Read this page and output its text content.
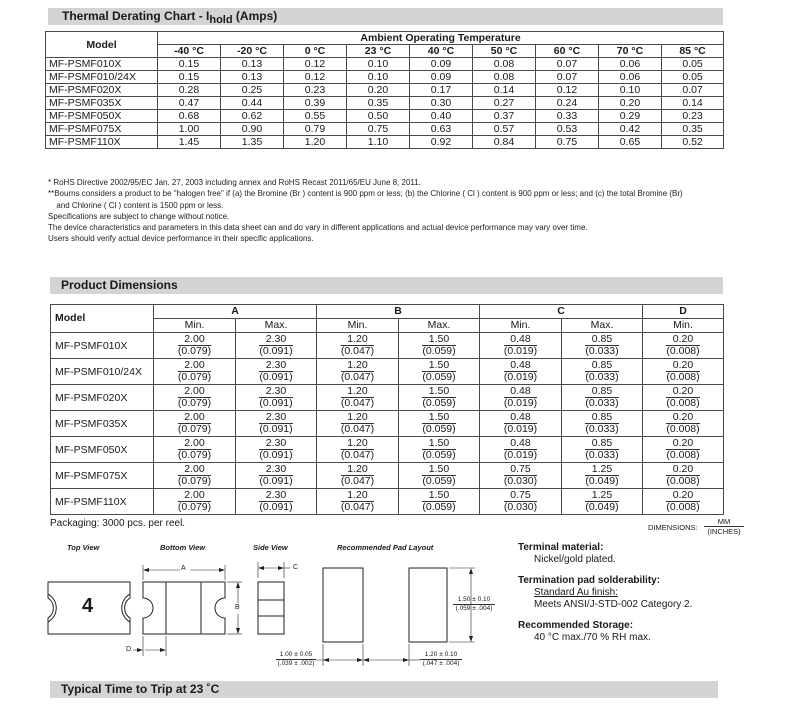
Thermal Derating Chart - $I_{hold}$ (Amps)
Model	Ambient Operating Temperature								
	-40 °C	-20 °C	0 °C	23 °C	40 °C	50 °C	60 °C	70 °C	85 °C
MF-PSMF010X	0.15	0.13	0.12	0.10	0.09	0.08	0.07	0.06	0.05
MF-PSMF010/24X	0.15	0.13	0.12	0.10	0.09	0.08	0.07	0.06	0.05
MF-PSMF020X	0.28	0.25	0.23	0.20	0.17	0.14	0.12	0.10	0.07
MF-PSMF035X	0.47	0.44	0.39	0.35	0.30	0.27	0.24	0.20	0.14
MF-PSMF050X	0.68	0.62	0.55	0.50	0.40	0.37	0.33	0.29	0.23
MF-PSMF075X	1.00	0.90	0.79	0.75	0.63	0.57	0.53	0.42	0.35
MF-PSMF110X	1.45	1.35	1.20	1.10	0.92	0.84	0.75	0.65	0.52
* RoHS Directive 2002/95/EC Jan. 27, 2003 including annex and RoHS Recast 2011/65/EU June 8, 2011.
**Bourns considers a product to be "halogen free" if (a) the Bromine (Br ) content is 900 ppm or less; (b) the Chlorine ( Cl ) content is 900 ppm or less; and (c) the total Bromine (Br)
and Chlorine ( Cl ) content is 1500 ppm or less.
Specifications are subject to change without notice.
The device characteristics and parameters in this data sheet can and do vary in different applications and actual device performance may vary over time.
Users should verify actual device performance in their specific applications.
Product Dimensions
Model	A		B		C		D
	Min.	Max.	Min.	Max.	Min.	Max.	Min.
MF-PSMF010X	$\frac{2.00}{(0.079)}$	$\frac{2.30}{(0.091)}$	$\frac{1.20}{(0.047)}$	$\frac{1.50}{(0.059)}$	$\frac{0.48}{(0.019)}$	$\frac{0.85}{(0.033)}$	$\frac{0.20}{(0.008)}$

MF-PSMF010/24X	$\frac{2.00}{(0.079)}$	$\frac{2.30}{(0.091)}$	$\frac{1.20}{(0.047)}$	$\frac{1.50}{(0.059)}$	$\frac{0.48}{(0.019)}$	$\frac{0.85}{(0.033)}$	$\frac{0.20}{(0.008)}$

MF-PSMF020X	$\frac{2.00}{(0.079)}$	$\frac{2.30}{(0.091)}$	$\frac{1.20}{(0.047)}$	$\frac{1.50}{(0.059)}$	$\frac{0.48}{(0.019)}$	$\frac{0.85}{(0.033)}$	$\frac{0.20}{(0.008)}$

MF-PSMF035X	$\frac{2.00}{(0.079)}$	$\frac{2.30}{(0.091)}$	$\frac{1.20}{(0.047)}$	$\frac{1.50}{(0.059)}$	$\frac{0.48}{(0.019)}$	$\frac{0.85}{(0.033)}$	$\frac{0.20}{(0.008)}$

MF-PSMF050X	$\frac{2.00}{(0.079)}$	$\frac{2.30}{(0.091)}$	$\frac{1.20}{(0.047)}$	$\frac{1.50}{(0.059)}$	$\frac{0.48}{(0.019)}$	$\frac{0.85}{(0.033)}$	$\frac{0.20}{(0.008)}$

MF-PSMF075X	$\frac{2.00}{(0.079)}$	$\frac{2.30}{(0.091)}$	$\frac{1.20}{(0.047)}$	$\frac{1.50}{(0.059)}$	$\frac{0.75}{(0.030)}$	$\frac{1.25}{(0.049)}$	$\frac{0.20}{(0.008)}$

MF-PSMF110X	$\frac{2.00}{(0.079)}$	$\frac{2.30}{(0.091)}$	$\frac{1.20}{(0.047)}$	$\frac{1.50}{(0.059)}$	$\frac{0.75}{(0.030)}$	$\frac{1.25}{(0.049)}$	$\frac{0.20}{(0.008)}$
Packaging: 3000 pcs. per reel.	DIMENSIONS:
MM
(INCHES)
Top View	Bottom View	Side View	Recommended Pad Layout
4
A
B
C
D
1.50 ± 0.10
(.059 ± .004)
1.00 ± 0.05
(.039 ± .002)
1.20 ± 0.10
(.047 ± .004)
Terminal material:
Nickel/gold plated.
Termination pad solderability:
Standard Au finish:
Meets ANSI/J-STD-002 Category 2.
Recommended Storage:
40 °C max./70 % RH max.
Typical Time to Trip at 23 ˚C
